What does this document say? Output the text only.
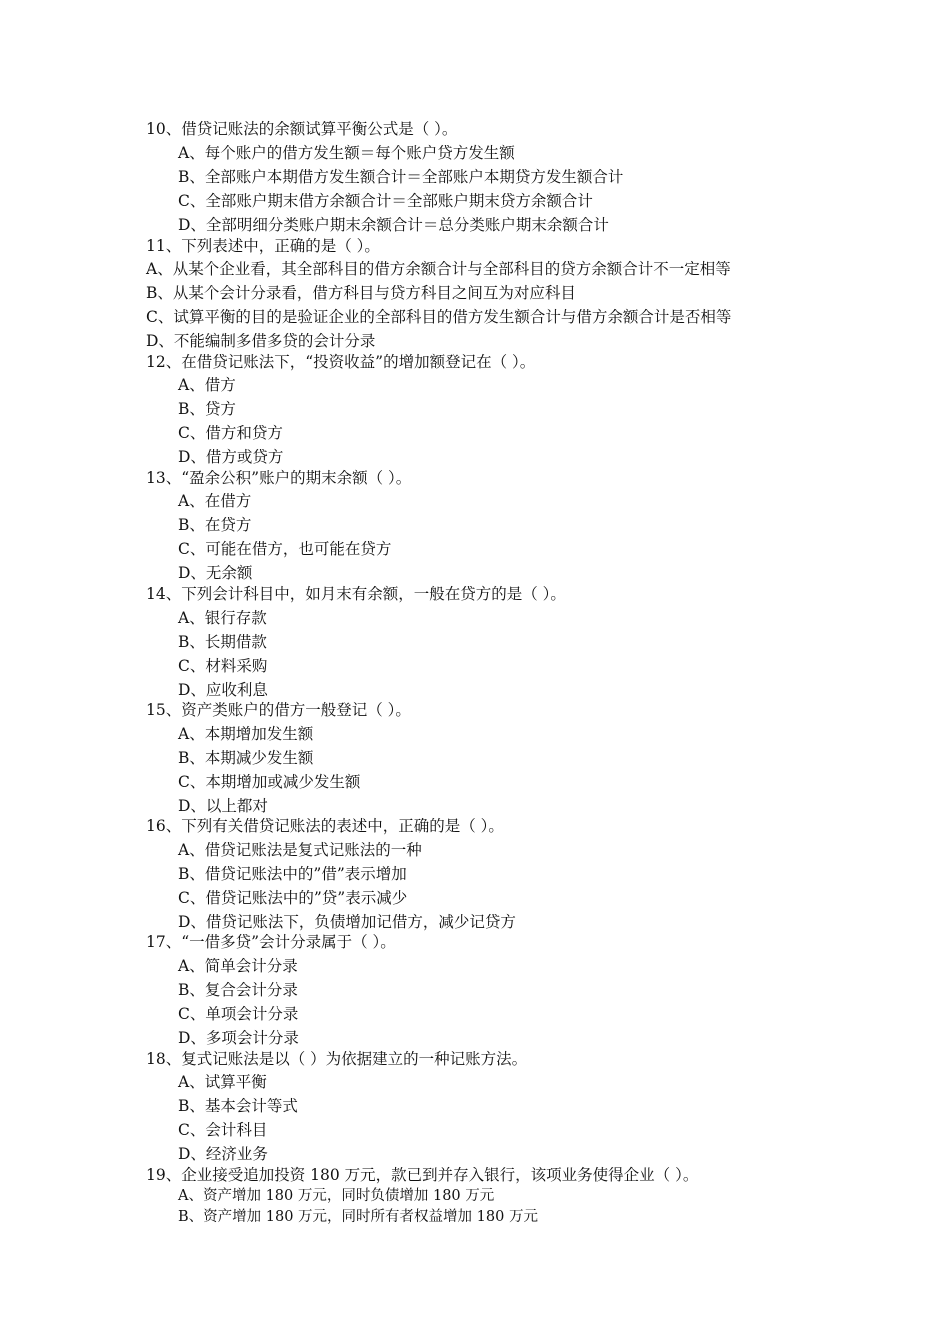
10、借贷记账法的余额试算平衡公式是（ ）。
A、每个账户的借方发生额＝每个账户贷方发生额
B、全部账户本期借方发生额合计＝全部账户本期贷方发生额合计
C、全部账户期末借方余额合计＝全部账户期末贷方余额合计
D、全部明细分类账户期末余额合计＝总分类账户期末余额合计
11、下列表述中，正确的是（ ）。
A、从某个企业看，其全部科目的借方余额合计与全部科目的贷方余额合计不一定相等
B、从某个会计分录看，借方科目与贷方科目之间互为对应科目
C、试算平衡的目的是验证企业的全部科目的借方发生额合计与借方余额合计是否相等
D、不能编制多借多贷的会计分录
12、在借贷记账法下，“投资收益”的增加额登记在（ ）。
A、借方
B、贷方
C、借方和贷方
D、借方或贷方
13、“盈余公积”账户的期末余额（ ）。
A、在借方
B、在贷方
C、可能在借方，也可能在贷方
D、无余额
14、下列会计科目中，如月末有余额，一般在贷方的是（ ）。
A、银行存款
B、长期借款
C、材料采购
D、应收利息
15、资产类账户的借方一般登记（ ）。
A、本期增加发生额
B、本期减少发生额
C、本期增加或减少发生额
D、以上都对
16、下列有关借贷记账法的表述中，正确的是（ ）。
A、借贷记账法是复式记账法的一种
B、借贷记账法中的”借”表示增加
C、借贷记账法中的”贷”表示减少
D、借贷记账法下，负债增加记借方，减少记贷方
17、“一借多贷”会计分录属于（ ）。
A、简单会计分录
B、复合会计分录
C、单项会计分录
D、多项会计分录
18、复式记账法是以（ ）为依据建立的一种记账方法。
A、试算平衡
B、基本会计等式
C、会计科目
D、经济业务
19、企业接受追加投资 180 万元，款已到并存入银行，该项业务使得企业（ ）。
A、资产增加 180 万元，同时负债增加 180 万元
B、资产增加 180 万元，同时所有者权益增加 180 万元
